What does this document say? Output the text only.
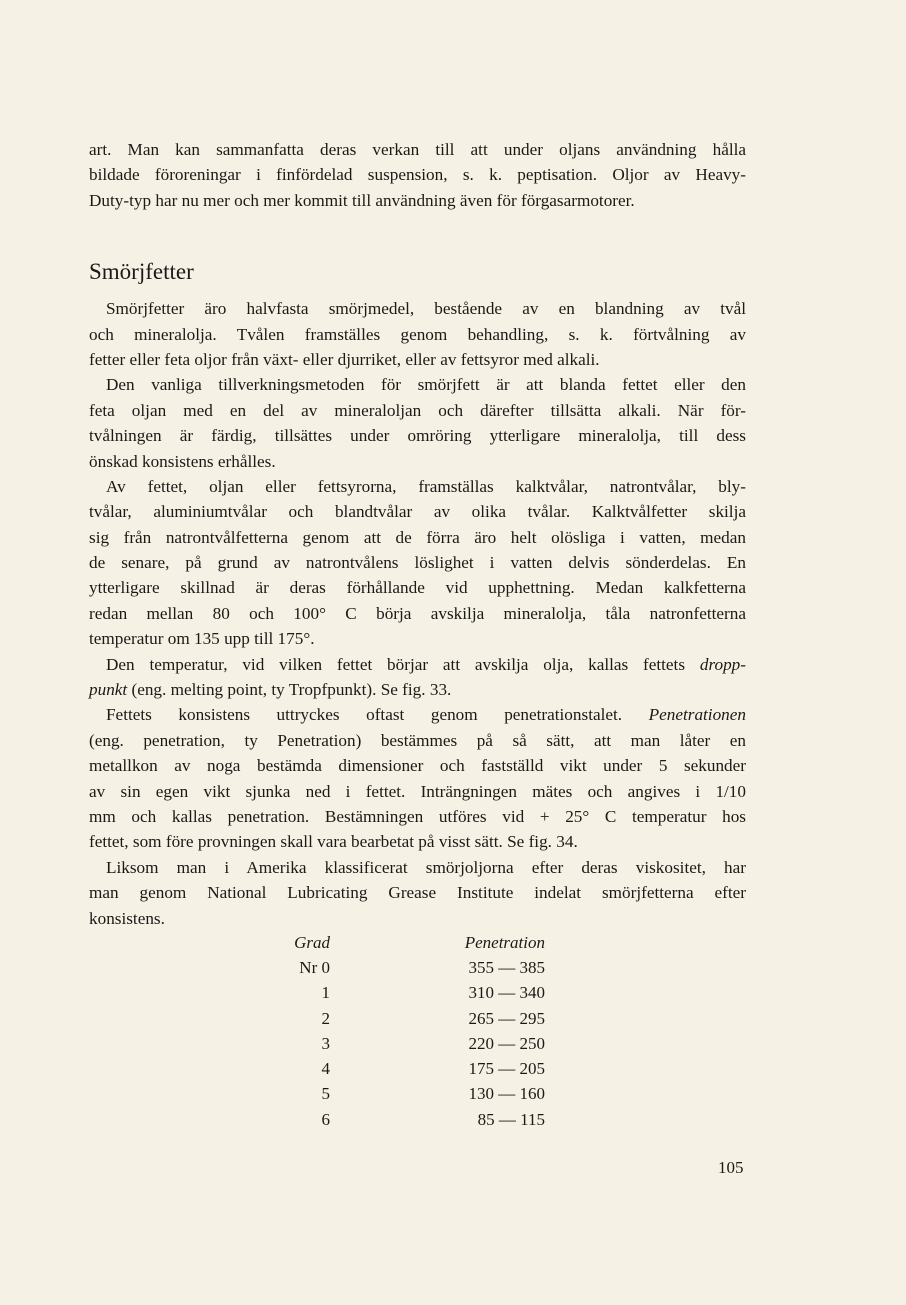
art. Man kan sammanfatta deras verkan till att under oljans användning hålla
bildade föroreningar i finfördelad suspension, s. k. peptisation. Oljor av Heavy-
Duty-typ har nu mer och mer kommit till användning även för förgasarmotorer.
Smörjfetter
Smörjfetter äro halvfasta smörjmedel, bestående av en blandning av tvål
och mineralolja. Tvålen framställes genom behandling, s. k. förtvålning av
fetter eller feta oljor från växt- eller djurriket, eller av fettsyror med alkali.
Den vanliga tillverkningsmetoden för smörjfett är att blanda fettet eller den
feta oljan med en del av mineraloljan och därefter tillsätta alkali. När för-
tvålningen är färdig, tillsättes under omröring ytterligare mineralolja, till dess
önskad konsistens erhålles.
Av fettet, oljan eller fettsyrorna, framställas kalktvålar, natrontvålar, bly-
tvålar, aluminiumtvålar och blandtvålar av olika tvålar. Kalktvålfetter skilja
sig från natrontvålfetterna genom att de förra äro helt olösliga i vatten, medan
de senare, på grund av natrontvålens löslighet i vatten delvis sönderdelas. En
ytterligare skillnad är deras förhållande vid upphettning. Medan kalkfetterna
redan mellan 80 och 100° C börja avskilja mineralolja, tåla natronfetterna
temperatur om 135 upp till 175°.
Den temperatur, vid vilken fettet börjar att avskilja olja, kallas fettets dropp-
punkt (eng. melting point, ty Tropfpunkt). Se fig. 33.
Fettets konsistens uttryckes oftast genom penetrationstalet. Penetrationen
(eng. penetration, ty Penetration) bestämmes på så sätt, att man låter en
metallkon av noga bestämda dimensioner och fastställd vikt under 5 sekunder
av sin egen vikt sjunka ned i fettet. Inträngningen mätes och angives i 1/10
mm och kallas penetration. Bestämningen utföres vid + 25° C temperatur hos
fettet, som före provningen skall vara bearbetat på visst sätt. Se fig. 34.
Liksom man i Amerika klassificerat smörjoljorna efter deras viskositet, har
man genom National Lubricating Grease Institute indelat smörjfetterna efter
konsistens.
Grad	Penetration
Nr 0	355 — 385
1	310 — 340
2	265 — 295
3	220 — 250
4	175 — 205
5	130 — 160
6	85 — 115
105
